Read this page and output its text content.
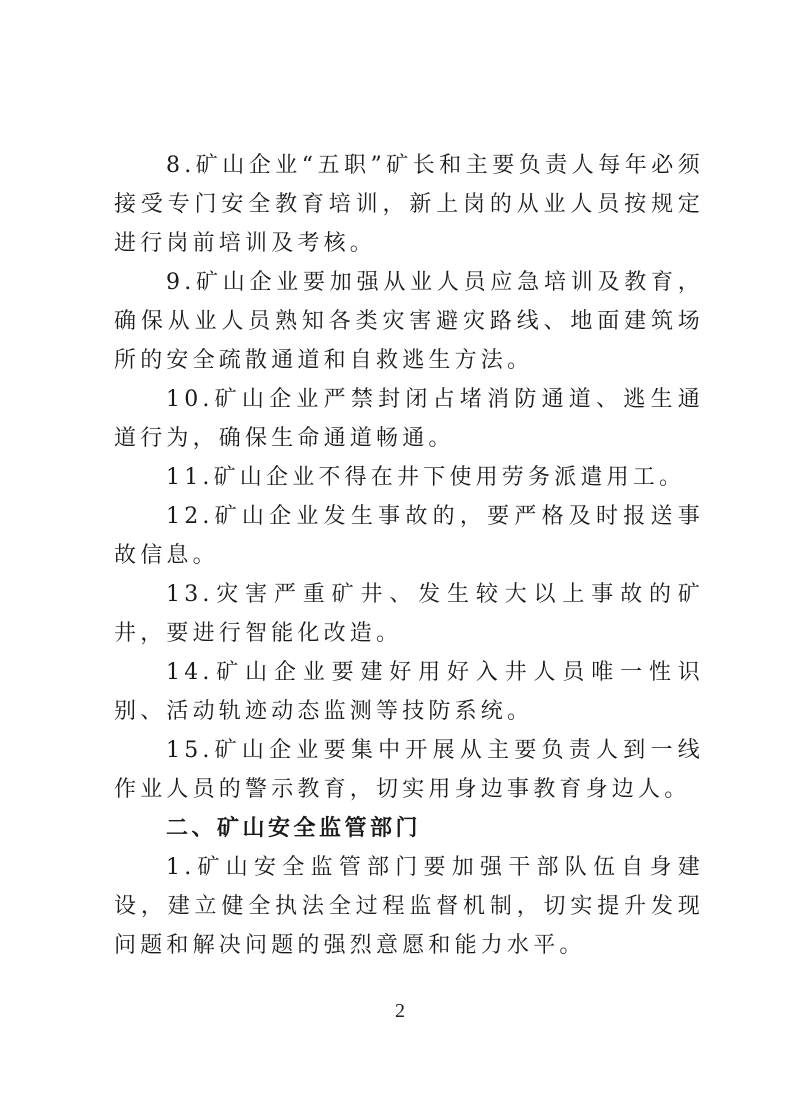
8.矿山企业“五职”矿长和主要负责人每年必须接受专门安全教育培训，新上岗的从业人员按规定进行岗前培训及考核。

9.矿山企业要加强从业人员应急培训及教育，确保从业人员熟知各类灾害避灾路线、地面建筑场所的安全疏散通道和自救逃生方法。

10.矿山企业严禁封闭占堵消防通道、逃生通道行为，确保生命通道畅通。

11.矿山企业不得在井下使用劳务派遣用工。

12.矿山企业发生事故的，要严格及时报送事故信息。

13.灾害严重矿井、发生较大以上事故的矿井，要进行智能化改造。

14.矿山企业要建好用好入井人员唯一性识别、活动轨迹动态监测等技防系统。

15.矿山企业要集中开展从主要负责人到一线作业人员的警示教育，切实用身边事教育身边人。

二、矿山安全监管部门

1.矿山安全监管部门要加强干部队伍自身建设，建立健全执法全过程监督机制，切实提升发现问题和解决问题的强烈意愿和能力水平。

2
